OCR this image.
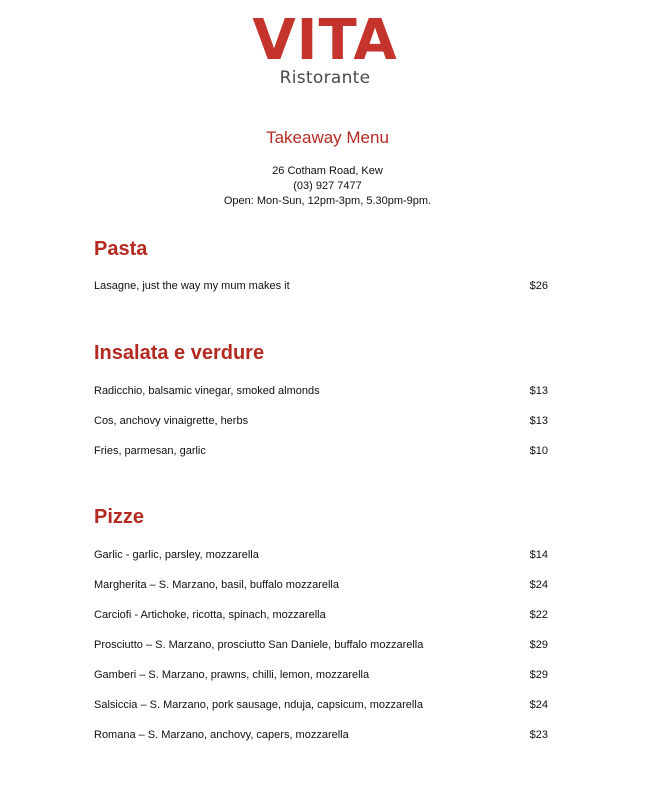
VITA
Ristorante
Takeaway Menu
26 Cotham Road, Kew
(03) 927 7477
Open: Mon-Sun, 12pm-3pm, 5.30pm-9pm.
Pasta
Lasagne, just the way my mum makes it	$26
Insalata e verdure
Radicchio, balsamic vinegar, smoked almonds	$13
Cos, anchovy vinaigrette, herbs	$13
Fries, parmesan, garlic	$10
Pizze
Garlic - garlic, parsley, mozzarella	$14
Margherita – S. Marzano, basil, buffalo mozzarella	$24
Carciofi - Artichoke, ricotta, spinach, mozzarella	$22
Prosciutto – S. Marzano, prosciutto San Daniele, buffalo mozzarella	$29
Gamberi – S. Marzano, prawns, chilli, lemon, mozzarella	$29
Salsiccia – S. Marzano, pork sausage, nduja, capsicum, mozzarella	$24
Romana – S. Marzano, anchovy, capers, mozzarella	$23
